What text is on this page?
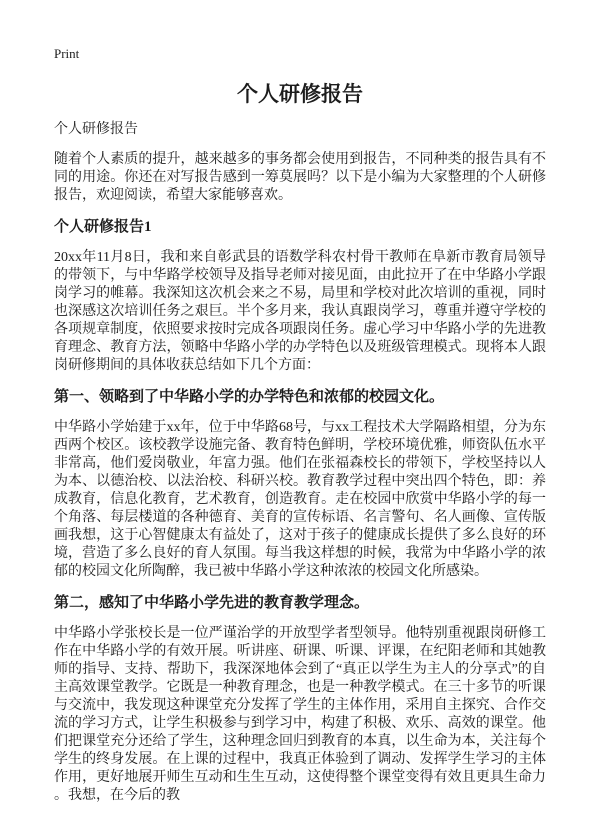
Print
个人研修报告
个人研修报告

随着个人素质的提升，越来越多的事务都会使用到报告，不同种类的报告具有不同的用途。你还在对写报告感到一筹莫展吗？以下是小编为大家整理的个人研修报告，欢迎阅读，希望大家能够喜欢。

个人研修报告1

20xx年11月8日，我和来自彰武县的语数学科农村骨干教师在阜新市教育局领导的带领下，与中华路学校领导及指导老师对接见面，由此拉开了在中华路小学跟岗学习的帷幕。我深知这次机会来之不易，局里和学校对此次培训的重视，同时也深感这次培训任务之艰巨。半个多月来，我认真跟岗学习，尊重并遵守学校的各项规章制度，依照要求按时完成各项跟岗任务。虚心学习中华路小学的先进教育理念、教育方法，领略中华路小学的办学特色以及班级管理模式。现将本人跟岗研修期间的具体收获总结如下几个方面：

第一、领略到了中华路小学的办学特色和浓郁的校园文化。

中华路小学始建于xx年，位于中华路68号，与xx工程技术大学隔路相望，分为东西两个校区。该校教学设施完备、教育特色鲜明，学校环境优雅，师资队伍水平非常高，他们爱岗敬业，年富力强。他们在张福森校长的带领下，学校坚持以人为本、以德治校、以法治校、科研兴校。教育教学过程中突出四个特色，即：养成教育，信息化教育，艺术教育，创造教育。走在校园中欣赏中华路小学的每一个角落、每层楼道的各种德育、美育的宣传标语、名言警句、名人画像、宣传版画我想，这于心智健康太有益处了，这对于孩子的健康成长提供了多么良好的环境，营造了多么良好的育人氛围。每当我这样想的时候，我常为中华路小学的浓郁的校园文化所陶醉，我已被中华路小学这种浓浓的校园文化所感染。

第二，感知了中华路小学先进的教育教学理念。

中华路小学张校长是一位严谨治学的开放型学者型领导。他特别重视跟岗研修工作在中华路小学的有效开展。听讲座、研课、听课、评课，在纪阳老师和其她教师的指导、支持、帮助下，我深深地体会到了“真正以学生为主人的分享式”的自主高效课堂教学。它既是一种教育理念，也是一种教学模式。在三十多节的听课与交流中，我发现这种课堂充分发挥了学生的主体作用，采用自主探究、合作交流的学习方式，让学生积极参与到学习中，构建了积极、欢乐、高效的课堂。他们把课堂充分还给了学生，这种理念回归到教育的本真，以生命为本，关注每个学生的终身发展。在上课的过程中，我真正体验到了调动、发挥学生学习的主体作用，更好地展开师生互动和生生互动，这使得整个课堂变得有效且更具生命力。我想，在今后的教
